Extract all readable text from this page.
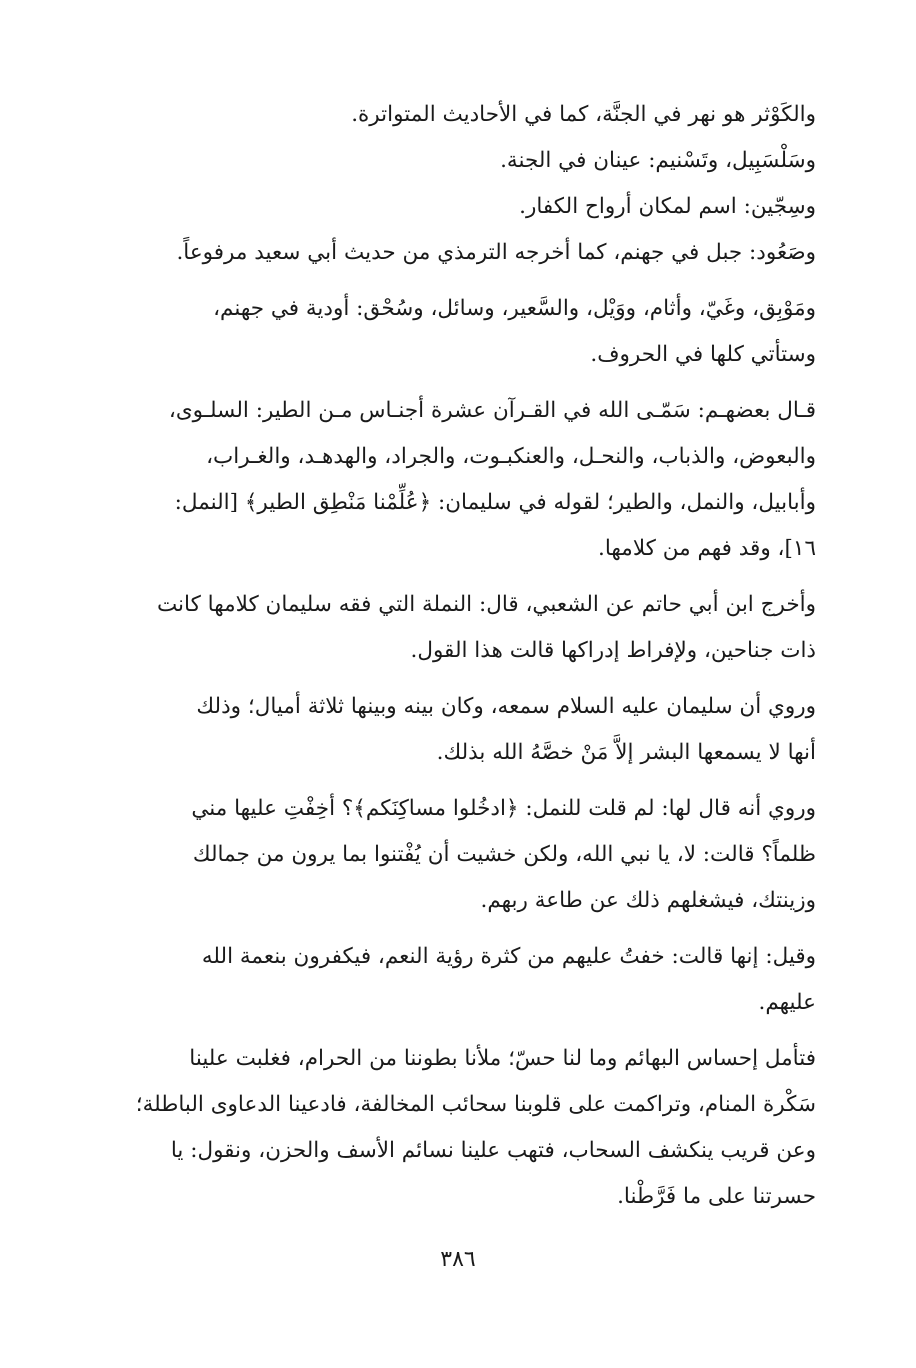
والكَوْثر هو نهر في الجنَّة، كما في الأحاديث المتواترة.
وسَلْسَبِيل، وتَسْنيم: عينان في الجنة.
وسِجّين: اسم لمكان أرواح الكفار.
وصَعُود: جبل في جهنم، كما أخرجه الترمذي من حديث أبي سعيد مرفوعاً.

ومَوْبِق، وغَيّ، وأثام، ووَيْل، والسَّعير، وسائل، وسُحْق: أودية في جهنم،
وستأتي كلها في الحروف.

قـال بعضهـم: سَمّـى الله في القـرآن عشرة أجنـاس مـن الطير: السلـوى،
والبعوض، والذباب، والنحـل، والعنكبـوت، والجراد، والهدهـد، والغـراب،
وأبابيل، والنمل، والطير؛ لقوله في سليمان: ﴿عُلِّمْنا مَنْطِق الطير﴾ [النمل:
١٦]، وقد فهم من كلامها.

وأخرج ابن أبي حاتم عن الشعبي، قال: النملة التي فقه سليمان كلامها كانت
ذات جناحين، ولإفراط إدراكها قالت هذا القول.

وروي أن سليمان عليه السلام سمعه، وكان بينه وبينها ثلاثة أميال؛ وذلك
أنها لا يسمعها البشر إلاَّ مَنْ خصَّهُ الله بذلك.

وروي أنه قال لها: لم قلت للنمل: ﴿ادخُلوا مساكِنَكم﴾؟ أخِفْتِ عليها مني
ظلماً؟ قالت: لا، يا نبي الله، ولكن خشيت أن يُفْتنوا بما يرون من جمالك
وزينتك، فيشغلهم ذلك عن طاعة ربهم.

وقيل: إنها قالت: خفتُ عليهم من كثرة رؤية النعم، فيكفرون بنعمة الله
عليهم.

فتأمل إحساس البهائم وما لنا حسّ؛ ملأنا بطوننا من الحرام، فغلبت علينا
سَكْرة المنام، وتراكمت على قلوبنا سحائب المخالفة، فادعينا الدعاوى الباطلة؛
وعن قريب ينكشف السحاب، فتهب علينا نسائم الأسف والحزن، ونقول: يا
حسرتنا على ما فَرَّطْنا.

٣٨٦
